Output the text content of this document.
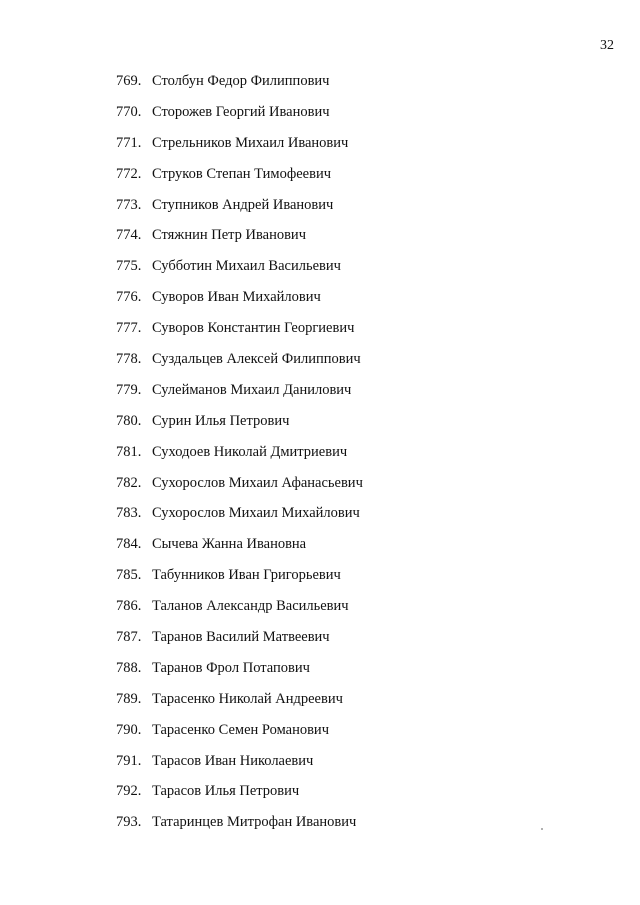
32
769. Столбун Федор Филиппович
770. Сторожев Георгий Иванович
771. Стрельников Михаил Иванович
772. Струков Степан Тимофеевич
773. Ступников Андрей Иванович
774. Стяжнин Петр Иванович
775. Субботин Михаил Васильевич
776. Суворов Иван Михайлович
777. Суворов Константин Георгиевич
778. Суздальцев Алексей Филиппович
779. Сулейманов Михаил Данилович
780. Сурин Илья Петрович
781. Суходоев Николай Дмитриевич
782. Сухорослов Михаил Афанасьевич
783. Сухорослов Михаил Михайлович
784. Сычева Жанна Ивановна
785. Табунников Иван Григорьевич
786. Таланов Александр Васильевич
787. Таранов Василий Матвеевич
788. Таранов Фрол Потапович
789. Тарасенко Николай Андреевич
790. Тарасенко Семен Романович
791. Тарасов Иван Николаевич
792. Тарасов Илья Петрович
793. Татаринцев Митрофан Иванович
